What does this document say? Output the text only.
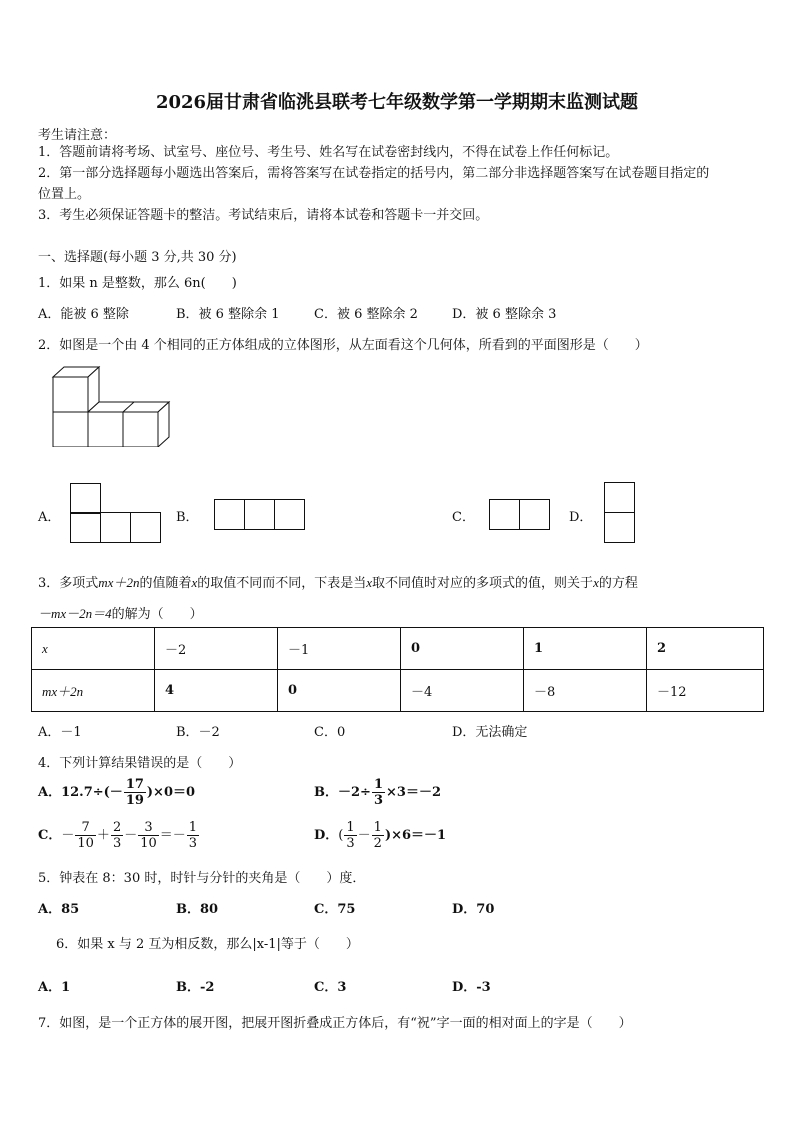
2026届甘肃省临洮县联考七年级数学第一学期期末监测试题
考生请注意：
1．答题前请将考场、试室号、座位号、考生号、姓名写在试卷密封线内，不得在试卷上作任何标记。
2．第一部分选择题每小题选出答案后，需将答案写在试卷指定的括号内，第二部分非选择题答案写在试卷题目指定的
位置上。
3．考生必须保证答题卡的整洁。考试结束后，请将本试卷和答题卡一并交回。
一、选择题(每小题 3 分,共 30 分)
1．如果 n 是整数，那么 6n(　　)
A．能被 6 整除	B．被 6 整除余 1	C．被 6 整除余 2	D．被 6 整除余 3
2．如图是一个由 4 个相同的正方体组成的立体图形，从左面看这个几何体，所看到的平面图形是（　　）
A．	B．	C．	D．
3．多项式mx＋2n的值随着x的取值不同而不同，下表是当x取不同值时对应的多项式的值，则关于x的方程
－mx－2n＝4的解为（　　）
x	－2	－1	0	1	2
mx＋2n	4	0	－4	－8	－12
A．－1	B．－2	C．0	D．无法确定
4．下列计算结果错误的是（　　）
A．$12.7\div(- \frac{17}{19} )\times 0=0$	B．$-2\div \frac{1}{3} \times 3=-2$
C．－ $\frac{7}{10} + \frac{2}{3} - \frac{3}{10} =- \frac{1}{3}$	D．( $\frac{1}{3} - \frac{1}{2} )\times 6=-1$
5．钟表在 8：30 时，时针与分针的夹角是（　　）度．
A．85	B．80	C．75	D．70
6．如果 x 与 2 互为相反数，那么|x-1|等于（　　）
A．1	B．-2	C．3	D．-3
7．如图，是一个正方体的展开图，把展开图折叠成正方体后，有“祝”字一面的相对面上的字是（　　）
